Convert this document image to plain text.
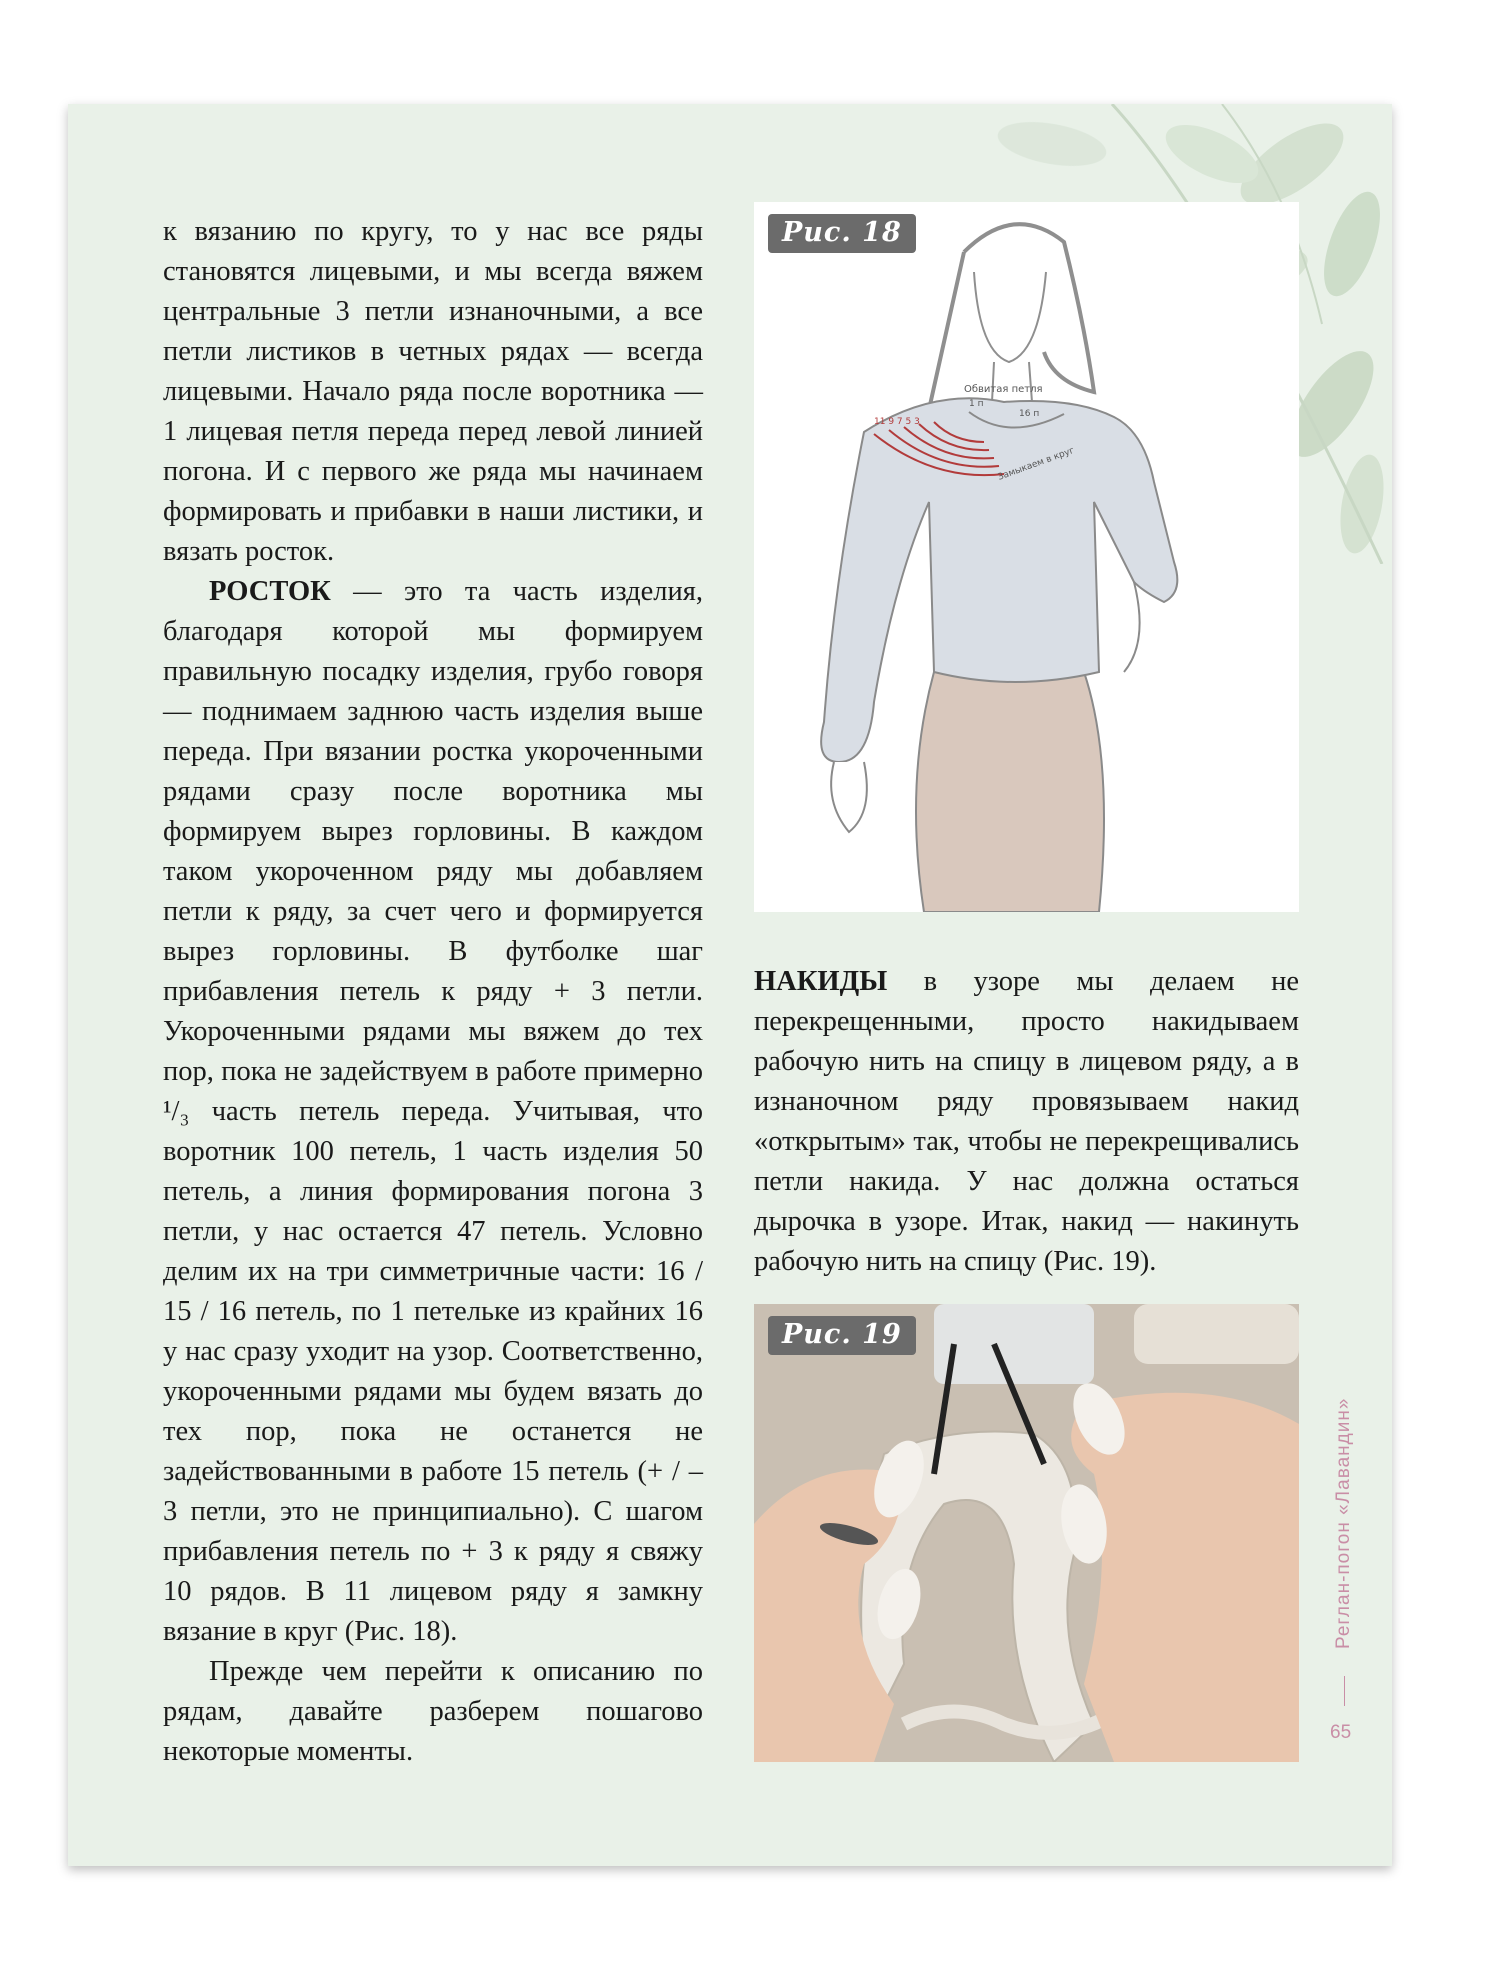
к вязанию по кругу, то у нас все ряды становятся лицевыми, и мы всегда вяжем центральные 3 петли изнаночными, а все петли листиков в четных рядах — всегда лицевыми. Начало ряда после воротника — 1 лицевая петля переда перед левой линией погона. И с первого же ряда мы начинаем формировать и прибавки в наши листики, и вязать росток.

РОСТОК — это та часть изделия, благодаря которой мы формируем правильную посадку изделия, грубо говоря — поднимаем заднюю часть изделия выше переда. При вязании ростка укороченными рядами сразу после воротника мы формируем вырез горловины. В каждом таком укороченном ряду мы добавляем петли к ряду, за счет чего и формируется вырез горловины. В футболке шаг прибавления петель к ряду + 3 петли. Укороченными рядами мы вяжем до тех пор, пока не задействуем в работе примерно ¹/₃ часть петель переда. Учитывая, что воротник 100 петель, 1 часть изделия 50 петель, а линия формирования погона 3 петли, у нас остается 47 петель. Условно делим их на три симметричные части: 16 / 15 / 16 петель, по 1 петельке из крайних 16 у нас сразу уходит на узор. Соответственно, укороченными рядами мы будем вязать до тех пор, пока не останется не задействованными в работе 15 петель (+ / – 3 петли, это не принципиально). С шагом прибавления петель по + 3 к ряду я свяжу 10 рядов. В 11 лицевом ряду я замкну вязание в круг (Рис. 18).

Прежде чем перейти к описанию по рядам, давайте разберем пошагово некоторые моменты.

Обвитая петля
1 п
16 п
11 9 7 5 3
Замыкаем в круг
Рис. 18

НАКИДЫ в узоре мы делаем не перекрещенными, просто накидываем рабочую нить на спицу в лицевом ряду, а в изнаночном ряду провязываем накид «открытым» так, чтобы не перекрещивались петли накида. У нас должна остаться дырочка в узоре. Итак, накид — накинуть рабочую нить на спицу (Рис. 19).

Рис. 19
Реглан-погон «Лавандин»
65
